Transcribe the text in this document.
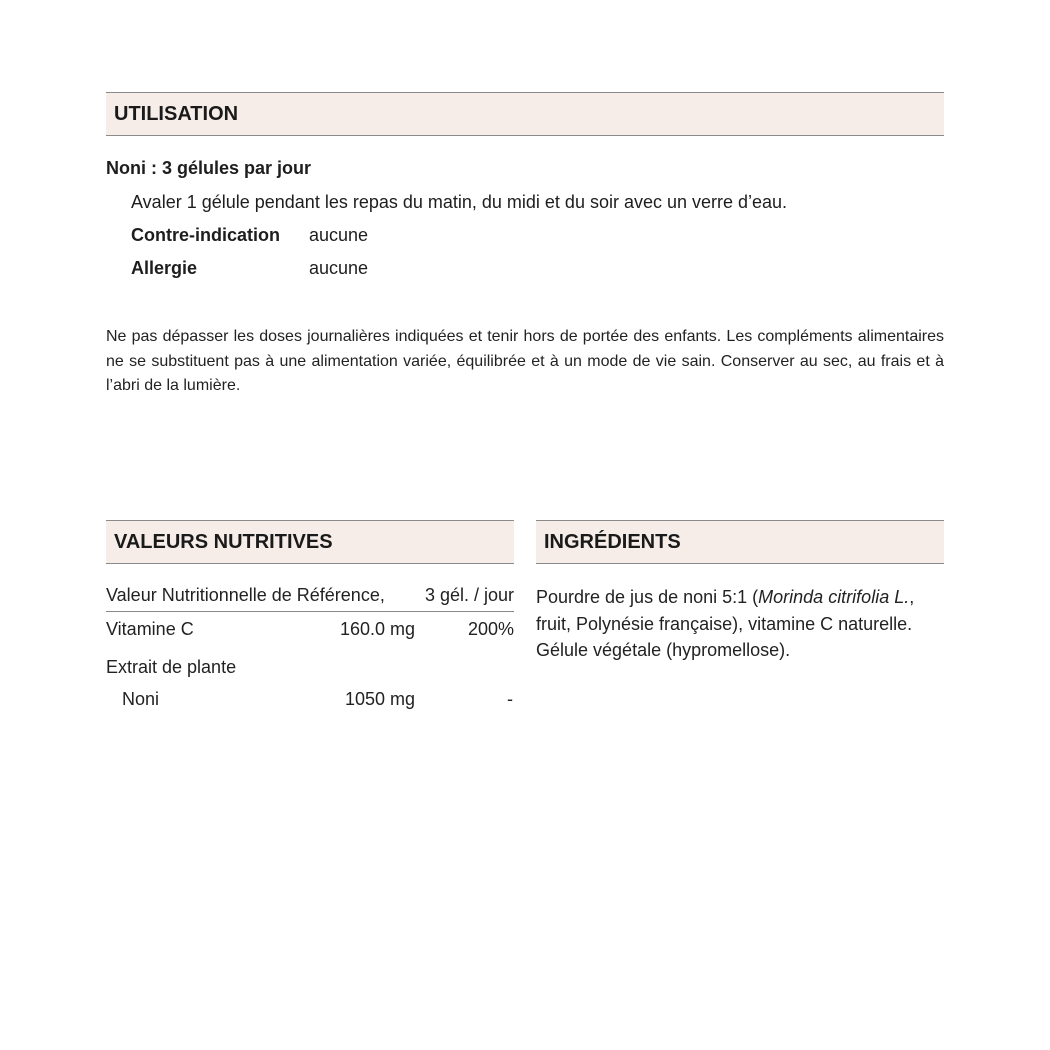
UTILISATION
Noni : 3 gélules par jour
Avaler 1 gélule pendant les repas du matin, du midi et du soir avec un verre d’eau.
Contre-indication aucune
Allergie	aucune
Ne pas dépasser les doses journalières indiquées et tenir hors de portée des enfants. Les compléments alimentaires ne se substituent pas à une alimentation variée, équilibrée et à un mode de vie sain. Conserver au sec, au frais et à l’abri de la lumière.
VALEURS NUTRITIVES
Valeur Nutritionnelle de Référence, 3 gél. / jour
Vitamine C	160.0 mg	200%
Extrait de plante
Noni	1050 mg	-
INGRÉDIENTS
Pourdre de jus de noni 5:1 (Morinda citrifolia L., fruit, Polynésie française), vitamine C naturelle. Gélule végétale (hypromellose).
